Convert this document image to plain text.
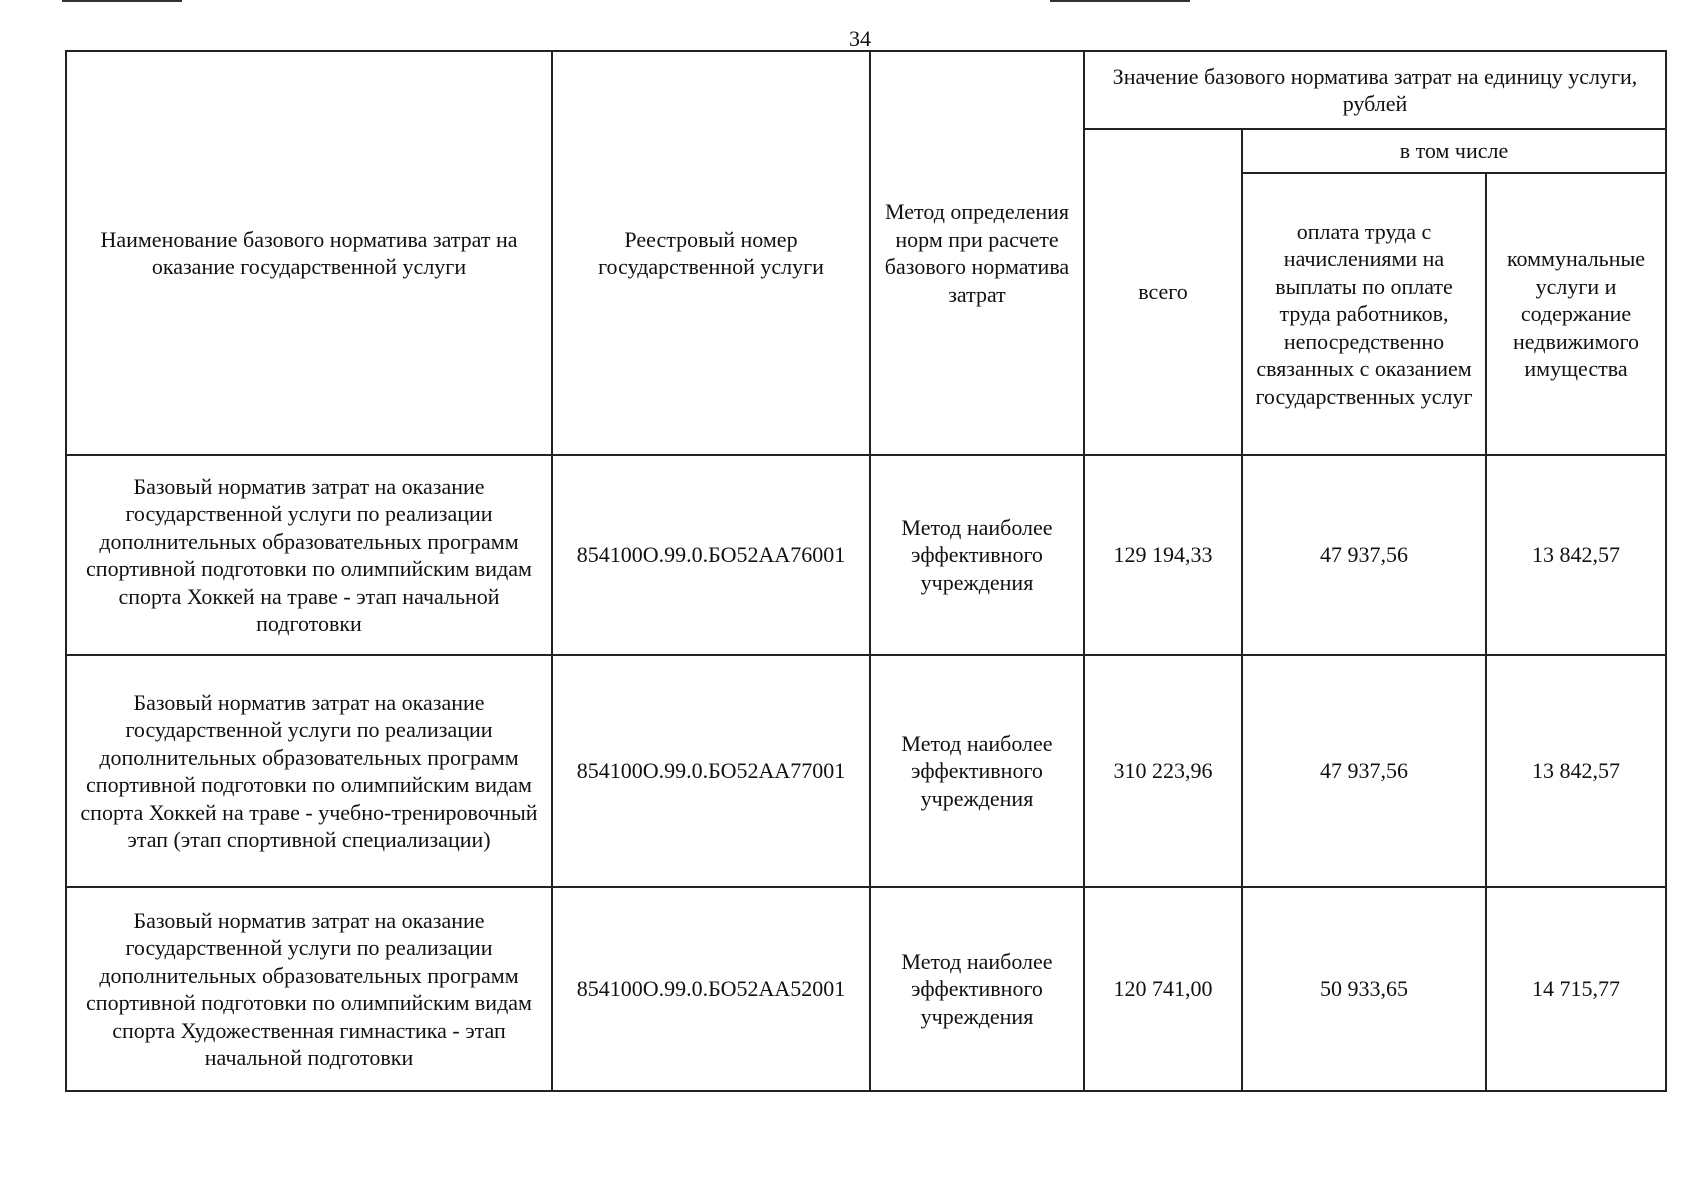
34
Наименование базового норматива затрат на оказание государственной услуги	Реестровый номер государственной услуги	Метод определения норм при расчете базового норматива затрат	Значение базового норматива затрат на единицу услуги, рублей		
			всего	в том числе	
				оплата труда с начислениями на выплаты по оплате труда работников, непосредственно связанных с оказанием государственных услуг	коммунальные услуги и содержание недвижимого имущества
Базовый норматив затрат на оказание государственной услуги по реализации дополнительных образовательных программ спортивной подготовки по олимпийским видам спорта Хоккей на траве - этап начальной подготовки	854100О.99.0.БО52АА76001	Метод наиболее эффективного учреждения	129 194,33	47 937,56	13 842,57
Базовый норматив затрат на оказание государственной услуги по реализации дополнительных образовательных программ спортивной подготовки по олимпийским видам спорта Хоккей на траве - учебно-тренировочный этап (этап спортивной специализации)	854100О.99.0.БО52АА77001	Метод наиболее эффективного учреждения	310 223,96	47 937,56	13 842,57
Базовый норматив затрат на оказание государственной услуги по реализации дополнительных образовательных программ спортивной подготовки по олимпийским видам спорта Художественная гимнастика - этап начальной подготовки	854100О.99.0.БО52АА52001	Метод наиболее эффективного учреждения	120 741,00	50 933,65	14 715,77
